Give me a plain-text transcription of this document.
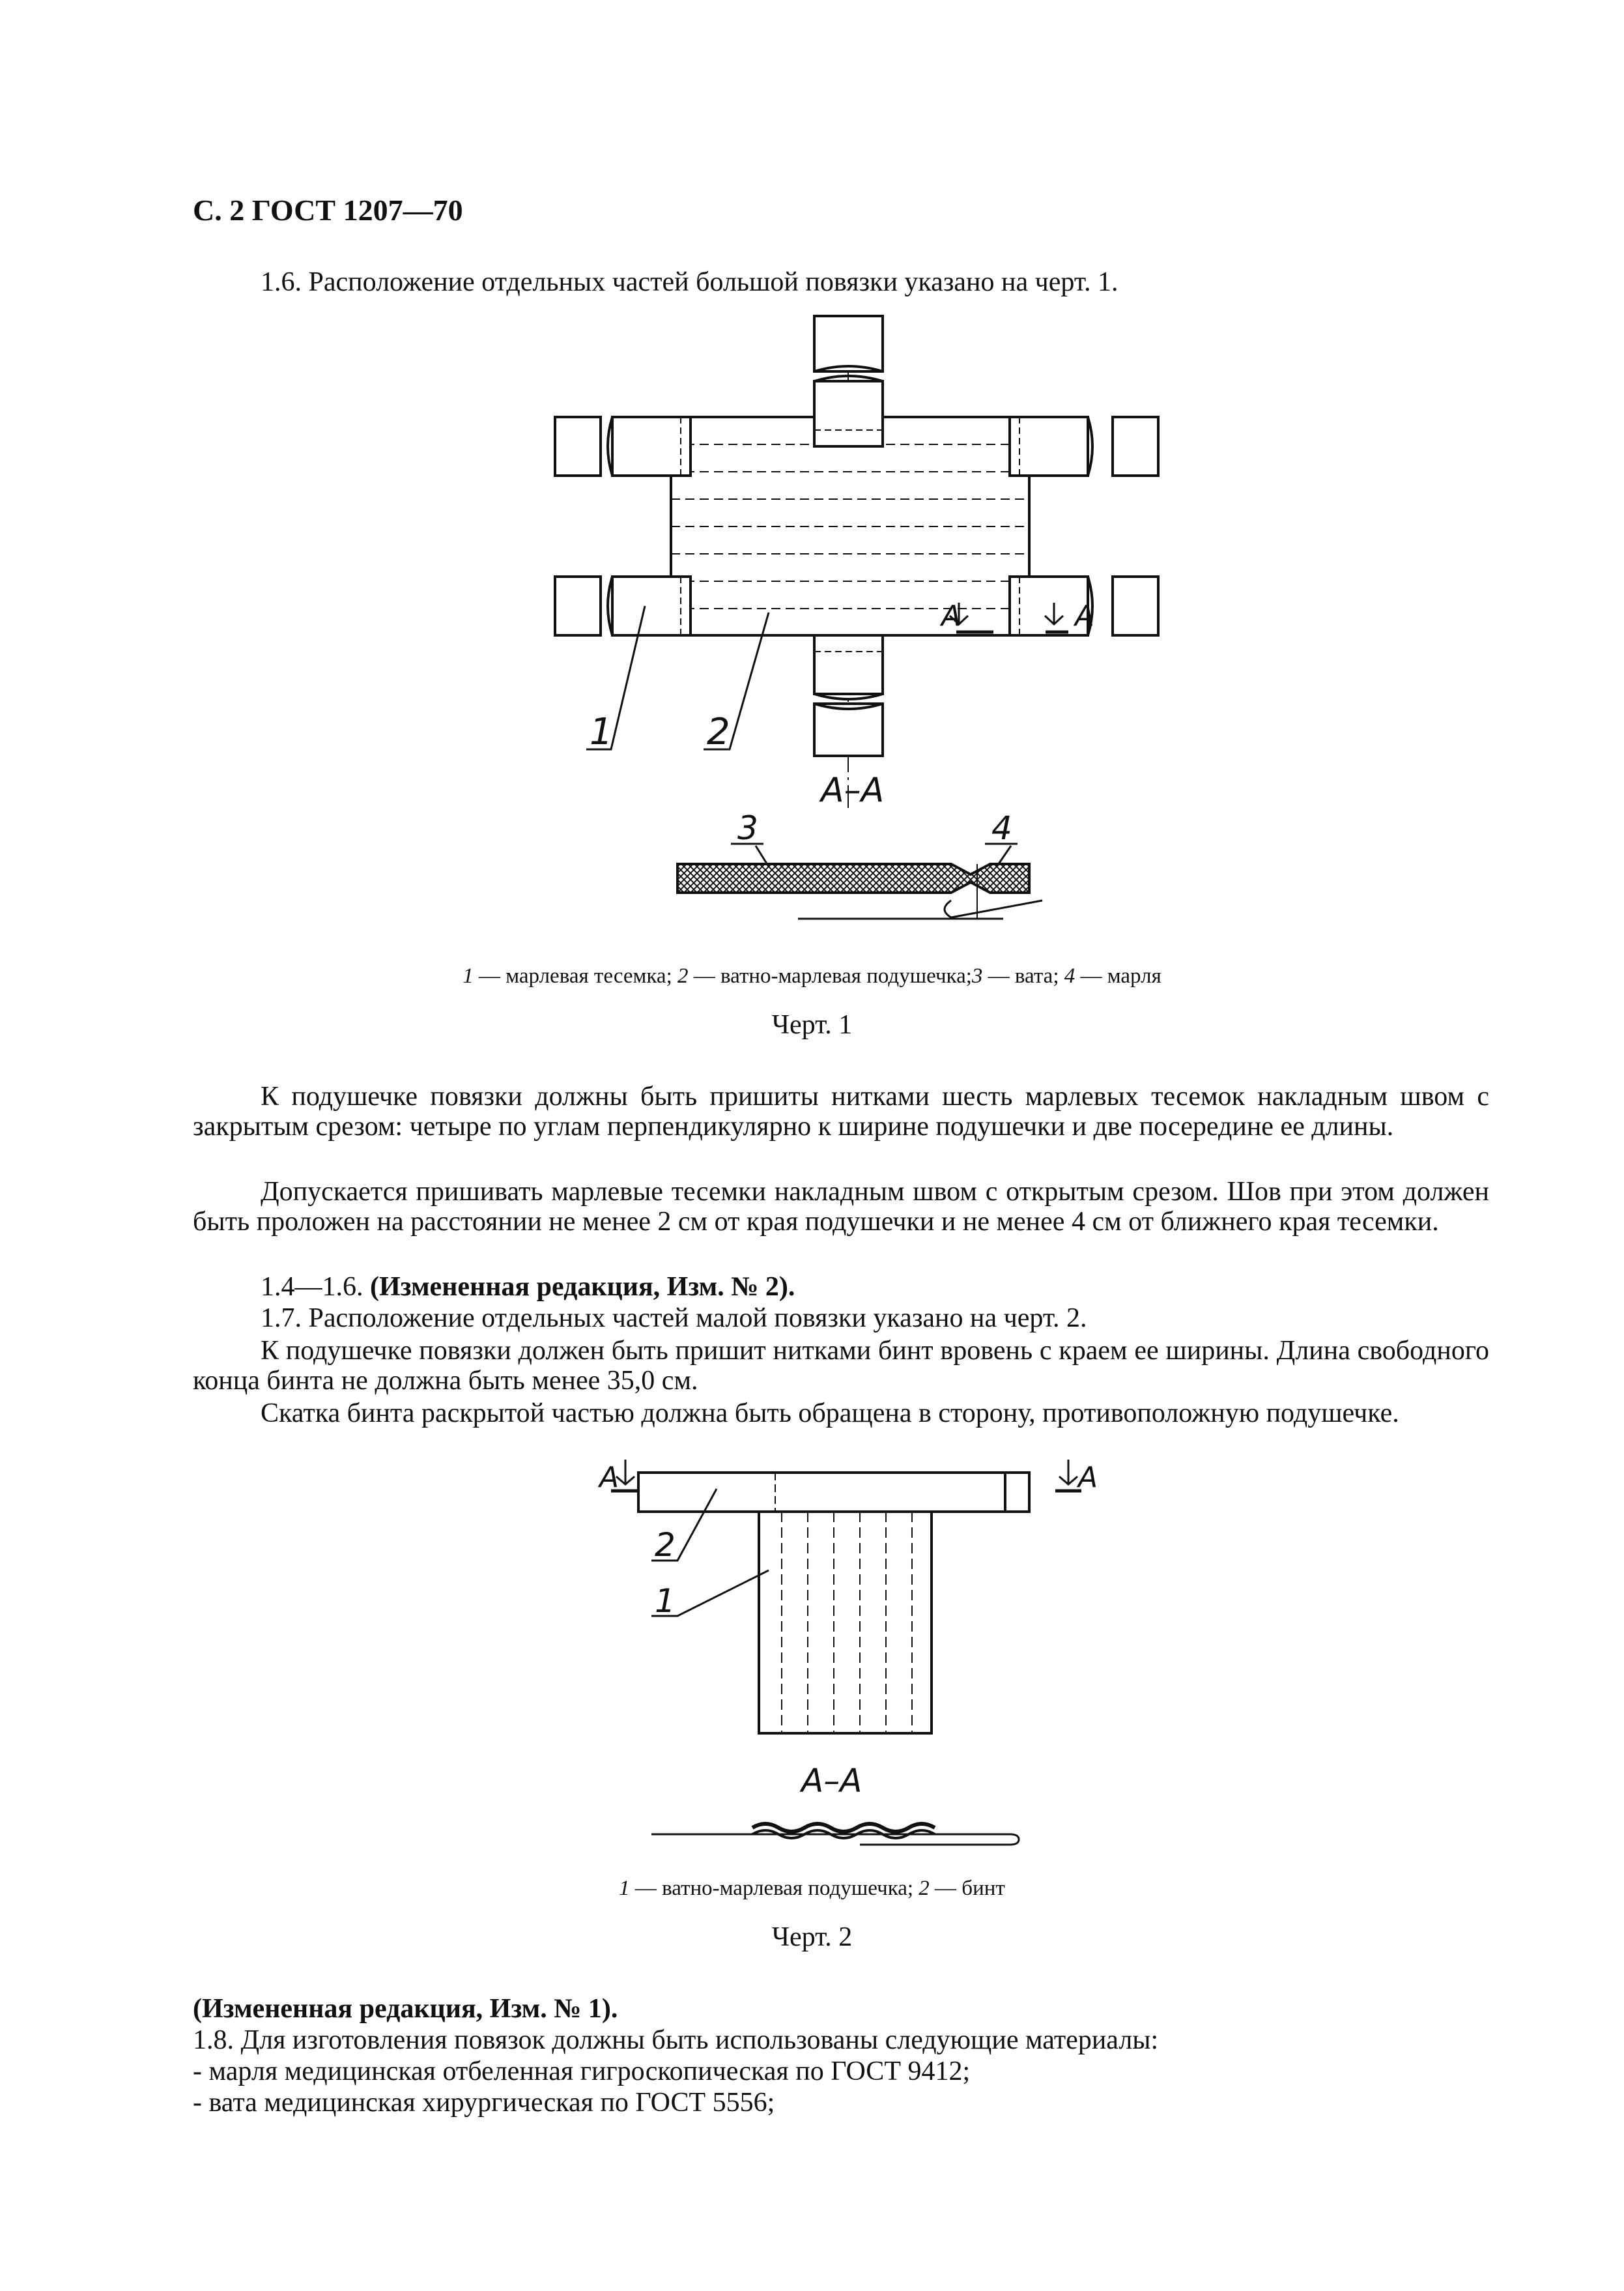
С. 2 ГОСТ 1207—70
1.6. Расположение отдельных частей большой повязки указано на черт. 1.
A	A
1	2
А–А
3	4
1 — марлевая тесемка; 2 — ватно-марлевая подушечка;3 — вата; 4 — марля
Черт. 1
К подушечке повязки должны быть пришиты нитками шесть марлевых тесемок накладным швом с закрытым срезом: четыре по углам перпендикулярно к ширине подушечки и две посередине ее длины.
Допускается пришивать марлевые тесемки накладным швом с открытым срезом. Шов при этом должен быть проложен на расстоянии не менее 2 см от края подушечки и не менее 4 см от ближнего края тесемки.
1.4—1.6. (Измененная редакция, Изм. № 2).
1.7. Расположение отдельных частей малой повязки указано на черт. 2.
К подушечке повязки должен быть пришит нитками бинт вровень с краем ее ширины. Длина свободного конца бинта не должна быть менее 35,0 см.
Скатка бинта раскрытой частью должна быть обращена в сторону, противоположную подушечке.
A	A
2
1
А–А
1 — ватно-марлевая подушечка; 2 — бинт
Черт. 2
(Измененная редакция, Изм. № 1).
1.8. Для изготовления повязок должны быть использованы следующие материалы:
- марля медицинская отбеленная гигроскопическая по ГОСТ 9412;
- вата медицинская хирургическая по ГОСТ 5556;
